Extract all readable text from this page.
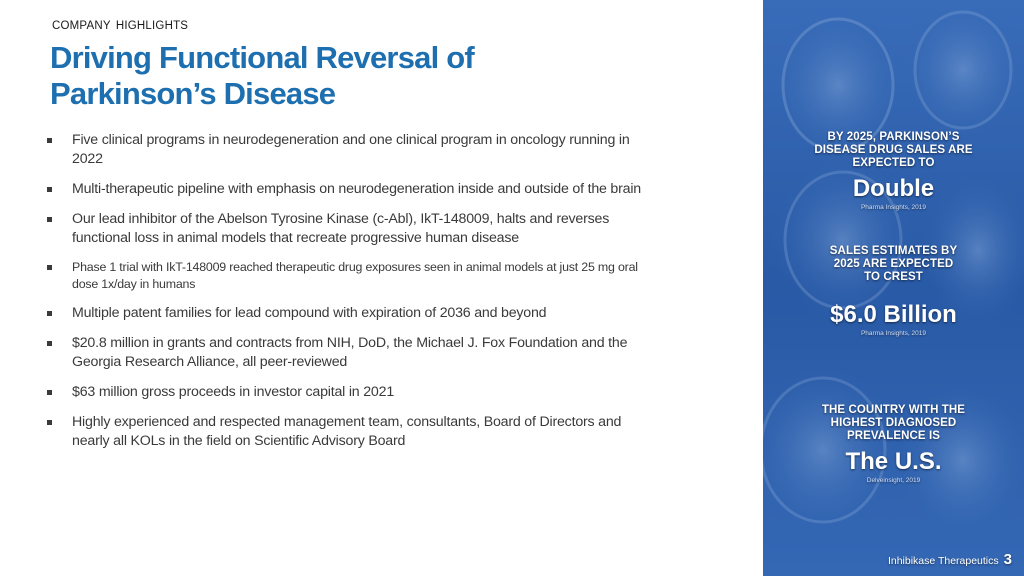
COMPANY HIGHLIGHTS
Driving Functional Reversal of
Parkinson’s Disease
Five clinical programs in neurodegeneration and one clinical program in oncology running in 2022
Multi-therapeutic pipeline with emphasis on neurodegeneration inside and outside of the brain
Our lead inhibitor of the Abelson Tyrosine Kinase (c-Abl), IkT-148009, halts and reverses functional loss in animal models that recreate progressive human disease
Phase 1 trial with IkT-148009 reached therapeutic drug exposures seen in animal models at just 25 mg oral dose 1x/day in humans
Multiple patent families for lead compound with expiration of 2036 and beyond
$20.8 million in grants and contracts from NIH, DoD, the Michael J. Fox Foundation and the Georgia Research Alliance, all peer-reviewed
$63 million gross proceeds in investor capital in 2021
Highly experienced and respected management team, consultants, Board of Directors and nearly all KOLs in the field on Scientific Advisory Board
BY 2025, PARKINSON’S DISEASE DRUG SALES ARE EXPECTED TO
Double
Pharma Insights, 2019
SALES ESTIMATES BY 2025 ARE EXPECTED TO CREST
$6.0 Billion
Pharma Insights, 2019
THE COUNTRY WITH THE HIGHEST DIAGNOSED PREVALENCE IS
The U.S.
Delveinsight, 2019
Inhibikase Therapeutics 3
